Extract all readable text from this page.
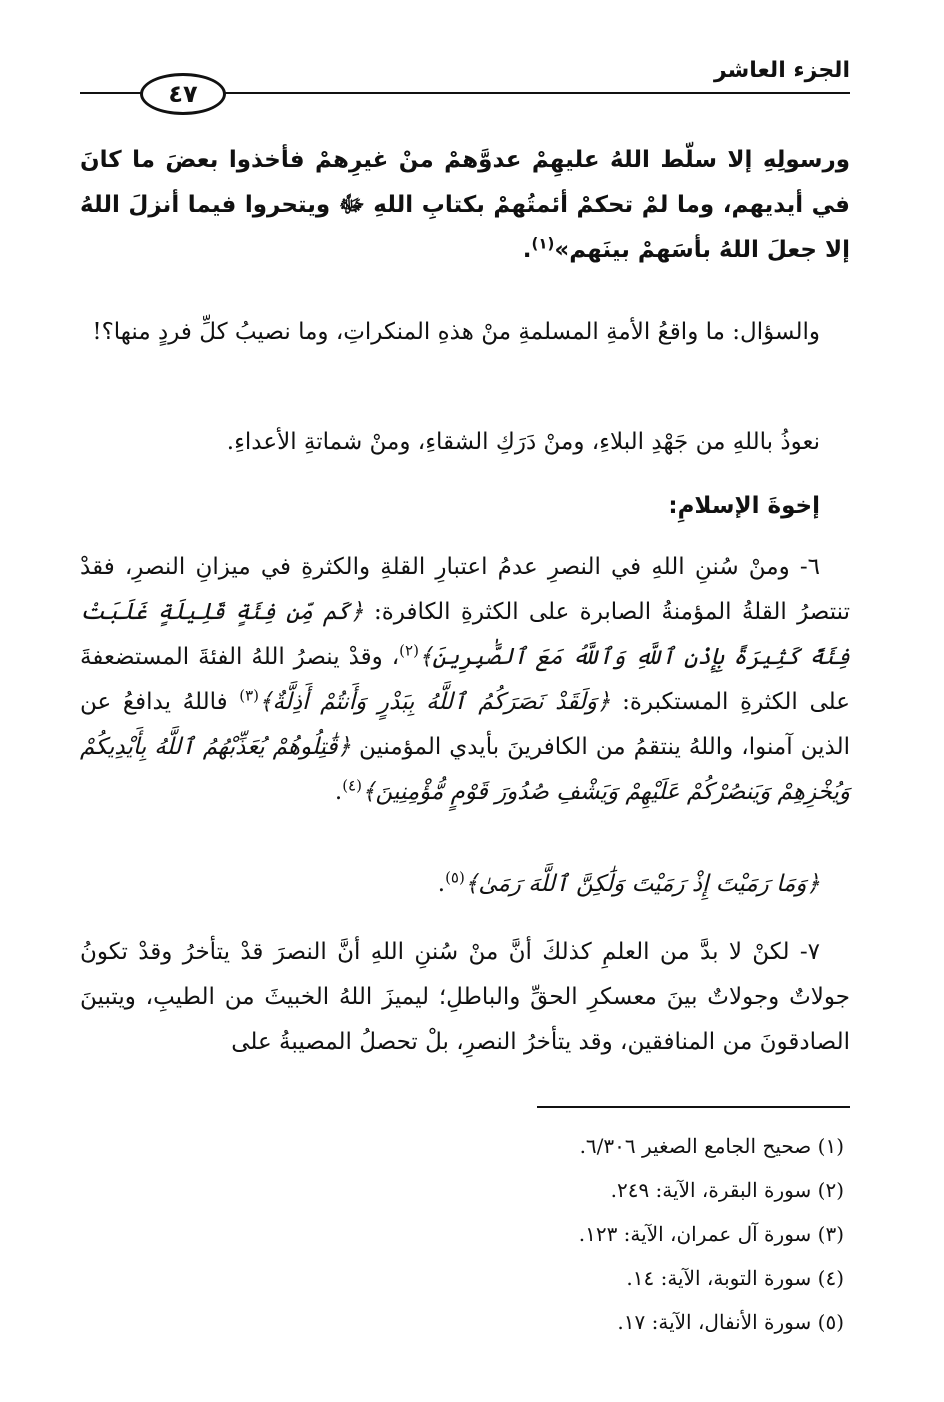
الجزء العاشر
٤٧
ورسولِهِ إلا سلّط اللهُ عليهِمْ عدوَّهمْ منْ غيرِهمْ فأخذوا بعضَ ما كانَ في أيديهم، وما لمْ تحكمْ أئمتُهمْ بكتابِ اللهِ ﷻ ويتحروا فيما أنزلَ اللهُ إلا جعلَ اللهُ بأسَهمْ بينَهم»$^{(١)}$.
والسؤال: ما واقعُ الأمةِ المسلمةِ منْ هذهِ المنكراتِ، وما نصيبُ كلِّ فردٍ منها؟!
نعوذُ باللهِ من جَهْدِ البلاءِ، ومنْ دَرَكِ الشقاءِ، ومنْ شماتةِ الأعداءِ.
إخوةَ الإسلامِ:
٦- ومنْ سُننِ اللهِ في النصرِ عدمُ اعتبارِ القلةِ والكثرةِ في ميزانِ النصرِ، فقدْ تنتصرُ القلةُ المؤمنةُ الصابرة على الكثرةِ الكافرة: ﴿كَم مِّن فِئَةٍ قَلِيلَةٍ غَلَبَتْ فِئَةً كَثِيرَةً بِإِذْنِ ٱللَّهِ وَٱللَّهُ مَعَ ٱلصَّٰبِرِينَ﴾$^{(٢)}$، وقدْ ينصرُ اللهُ الفئةَ المستضعفةَ على الكثرةِ المستكبرة: ﴿وَلَقَدْ نَصَرَكُمُ ٱللَّهُ بِبَدْرٍ وَأَنتُمْ أَذِلَّةٌ﴾$^{(٣)}$ فاللهُ يدافعُ عن الذين آمنوا، واللهُ ينتقمُ من الكافرينَ بأيدي المؤمنين ﴿قَٰتِلُوهُمْ يُعَذِّبْهُمُ ٱللَّهُ بِأَيْدِيكُمْ وَيُخْزِهِمْ وَيَنصُرْكُمْ عَلَيْهِمْ وَيَشْفِ صُدُورَ قَوْمٍ مُّؤْمِنِينَ﴾$^{(٤)}$.
﴿وَمَا رَمَيْتَ إِذْ رَمَيْتَ وَلَٰكِنَّ ٱللَّهَ رَمَىٰ﴾$^{(٥)}$.
٧- لكنْ لا بدَّ من العلمِ كذلكَ أنَّ منْ سُننِ اللهِ أنَّ النصرَ قدْ يتأخرُ وقدْ تكونُ جولاتٌ وجولاتٌ بينَ معسكرِ الحقِّ والباطلِ؛ ليميزَ اللهُ الخبيثَ من الطيبِ، ويتبينَ الصادقونَ من المنافقين، وقد يتأخرُ النصرِ، بلْ تحصلُ المصيبةُ على
(١) صحيح الجامع الصغير ٦/٣٠٦.
(٢) سورة البقرة، الآية: ٢٤٩.
(٣) سورة آل عمران، الآية: ١٢٣.
(٤) سورة التوبة، الآية: ١٤.
(٥) سورة الأنفال، الآية: ١٧.
